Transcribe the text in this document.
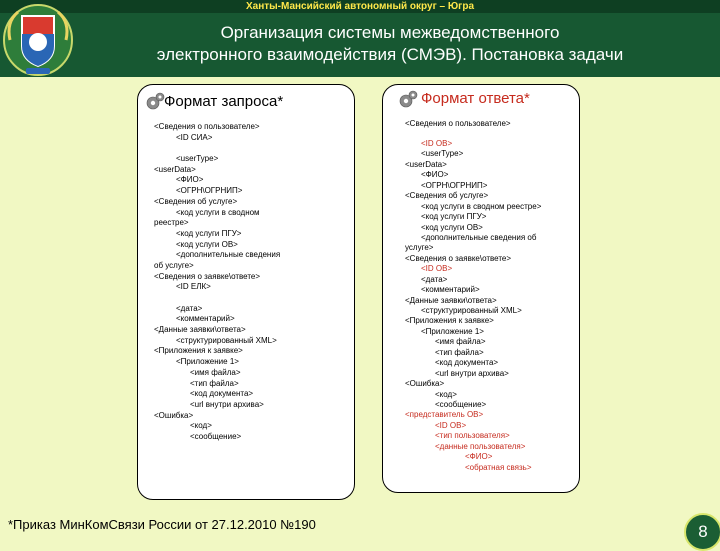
Ханты-Мансийский автономный округ – Югра
Организация системы межведомственного
электронного взаимодействия (СМЭВ). Постановка задачи
Формат запроса*
<Сведения о пользователе>
<ID СИА>
<userType>
<userData>
<ФИО>
<ОГРН\ОГРНИП>
<Сведения об услуге>
<код услуги в сводном
реестре>
<код услуги ПГУ>
<код услуги ОВ>
<дополнительные сведения
об услуге>
<Сведения о заявке\ответе>
<ID ЕЛК>
<дата>
<комментарий>
<Данные заявки\ответа>
<структурированный XML>
<Приложения к заявке>
<Приложение 1>
<имя файла>
<тип файла>
<код документа>
<url внутри архива>
<Ошибка>
<код>
<сообщение>
Формат ответа*
<Сведения о пользователе>
<ID ОВ>
<userType>
<userData>
<ФИО>
<ОГРН\ОГРНИП>
<Сведения об услуге>
<код услуги в сводном реестре>
<код услуги ПГУ>
<код услуги ОВ>
<дополнительные сведения об
услуге>
<Сведения о заявке\ответе>
<ID ОВ>
<дата>
<комментарий>
<Данные заявки\ответа>
<структурированный XML>
<Приложения к заявке>
<Приложение 1>
<имя файла>
<тип файла>
<код документа>
<url внутри архива>
<Ошибка>
<код>
<сообщение>
<представитель ОВ>
<ID ОВ>
<тип пользователя>
<данные пользователя>
<ФИО>
<обратная связь>
*Приказ МинКомСвязи России от 27.12.2010 №190	8
